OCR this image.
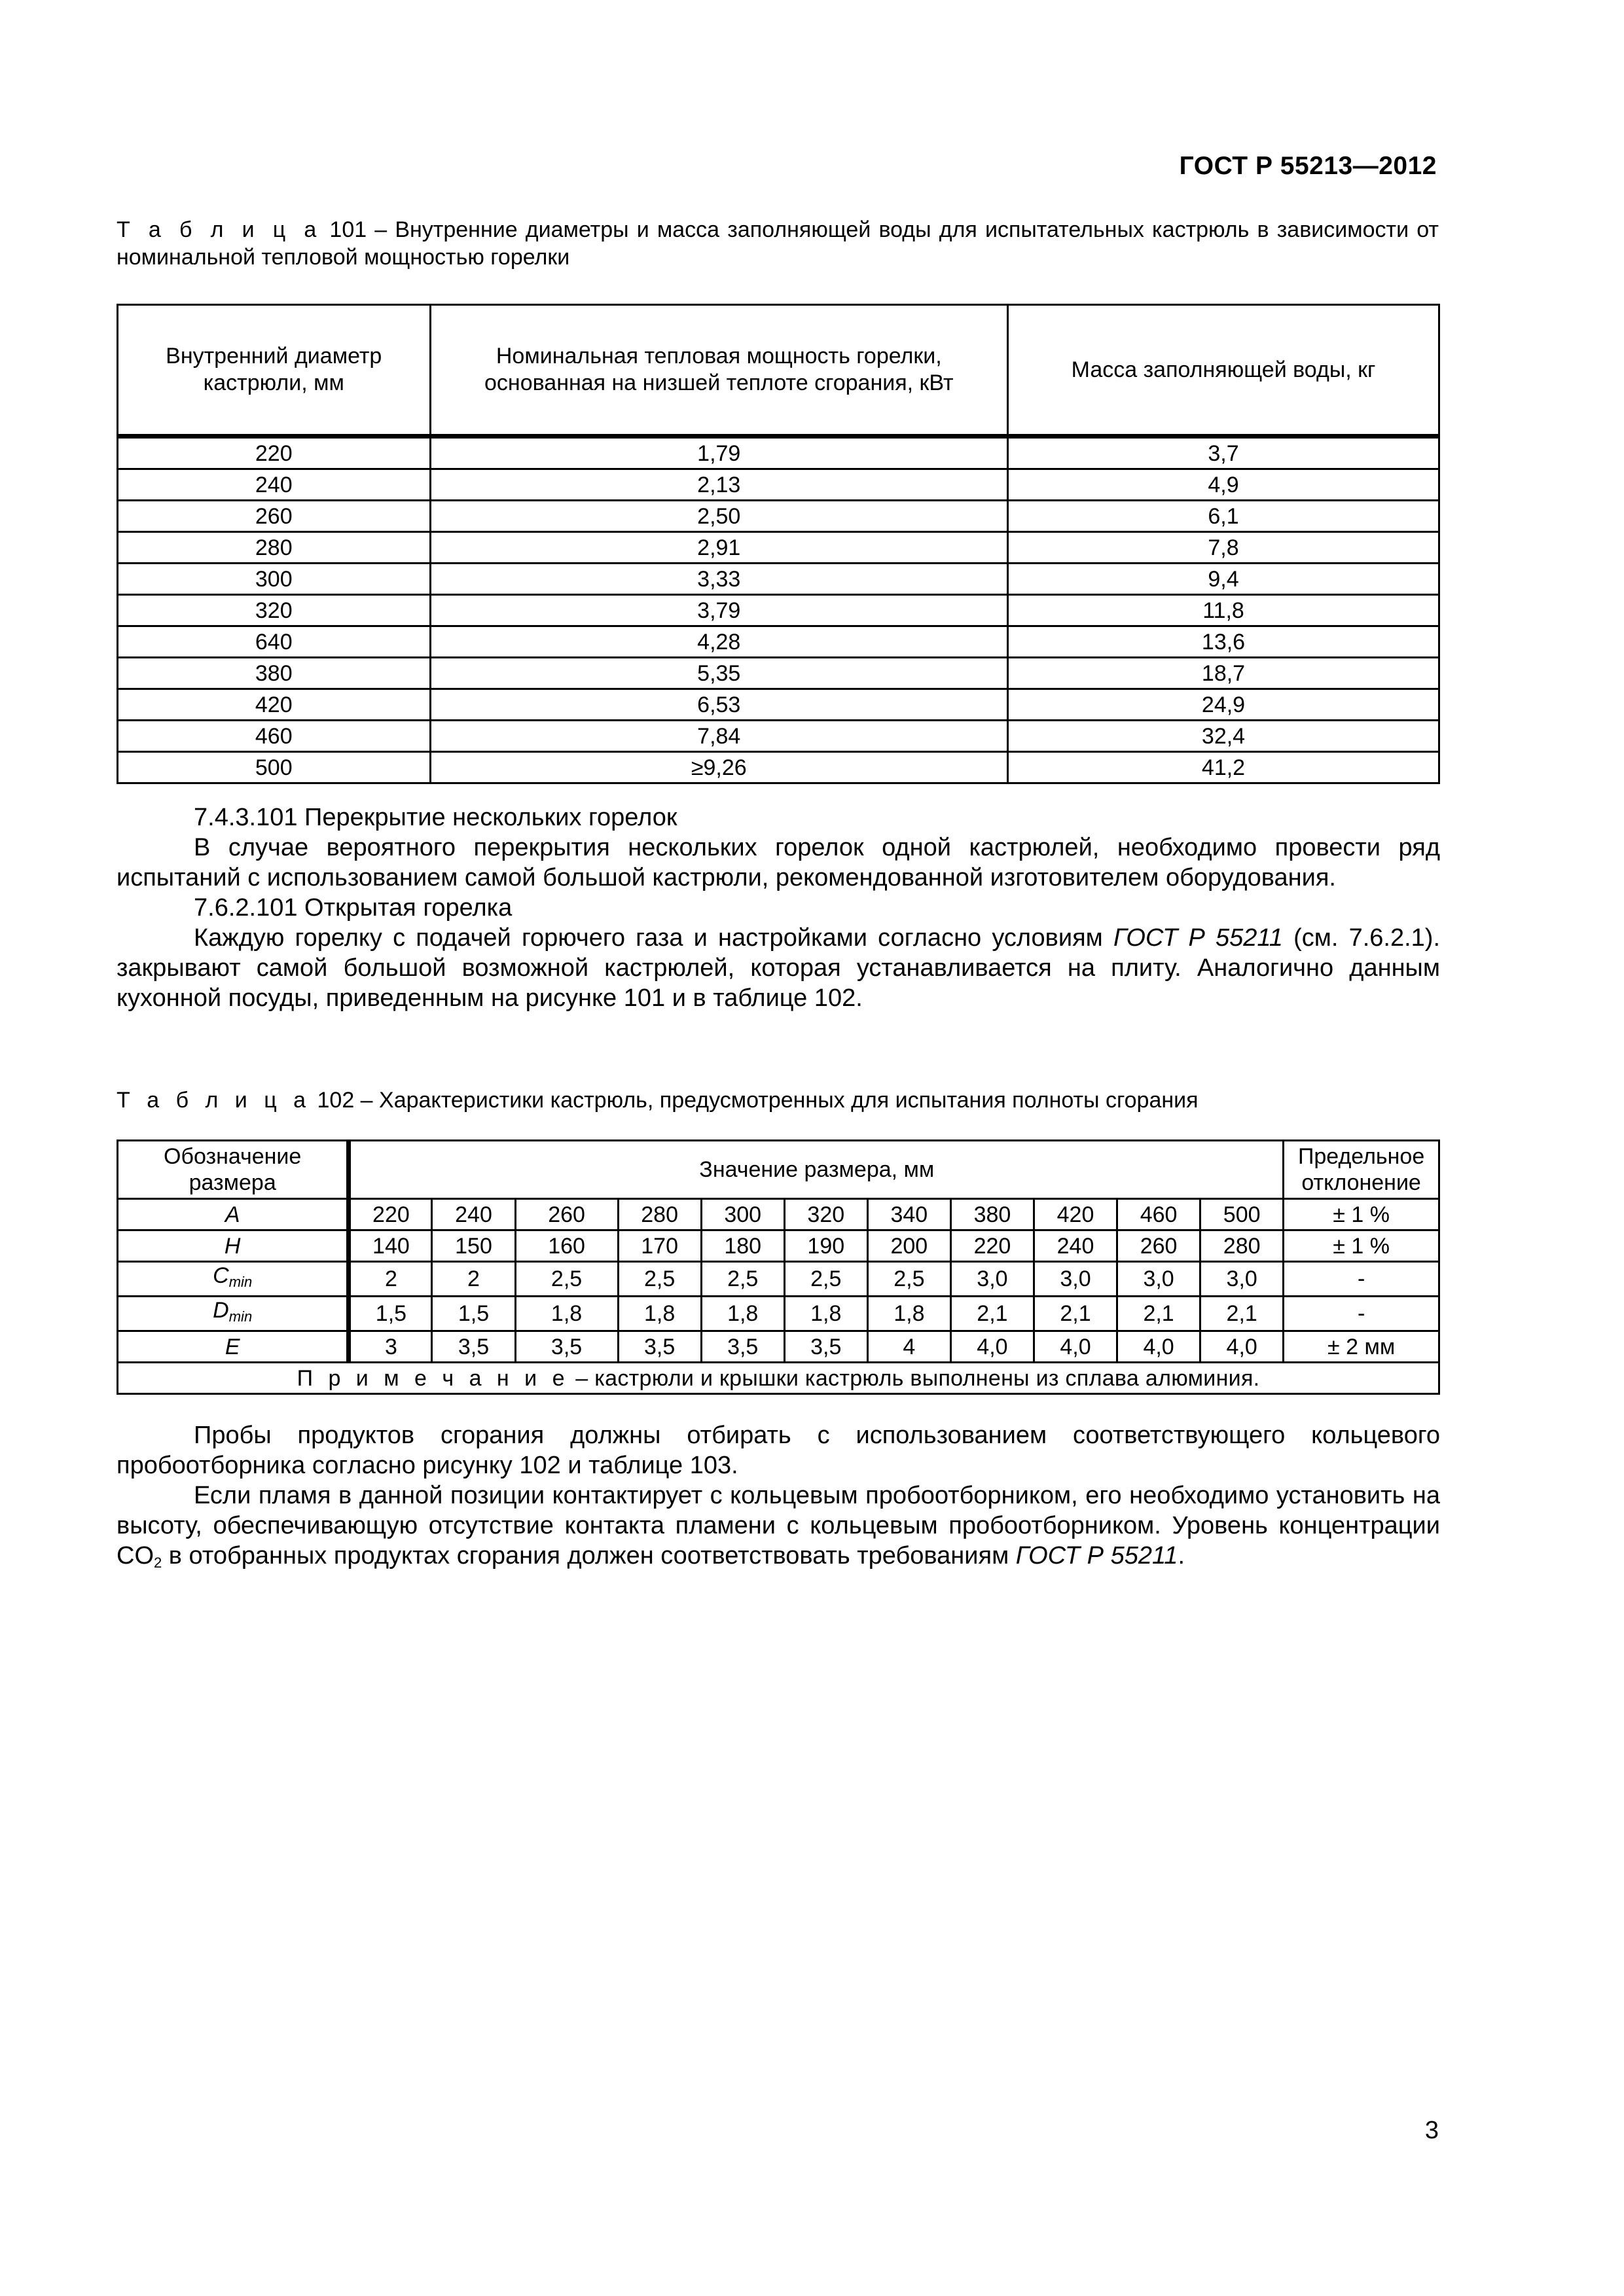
ГОСТ Р 55213—2012
Т а б л и ц а 101 – Внутренние диаметры и масса заполняющей воды для испытательных кастрюль в зависимости от номинальной тепловой мощностью горелки
Внутренний диаметр кастрюли, мм	Номинальная тепловая мощность горелки, основанная на низшей теплоте сгорания, кВт	Масса заполняющей воды, кг
220	1,79	3,7
240	2,13	4,9
260	2,50	6,1
280	2,91	7,8
300	3,33	9,4
320	3,79	11,8
640	4,28	13,6
380	5,35	18,7
420	6,53	24,9
460	7,84	32,4
500	≥9,26	41,2

7.4.3.101 Перекрытие нескольких горелок

В случае вероятного перекрытия нескольких горелок одной кастрюлей, необходимо провести ряд испытаний с использованием самой большой кастрюли, рекомендованной изготовителем оборудования.

7.6.2.101 Открытая горелка

Каждую горелку с подачей горючего газа и настройками согласно условиям ГОСТ Р 55211 (см. 7.6.2.1). закрывают самой большой возможной кастрюлей, которая устанавливается на плиту. Аналогично данным кухонной посуды, приведенным на рисунке 101 и в таблице 102.

Т а б л и ц а 102 – Характеристики кастрюль, предусмотренных для испытания полноты сгорания
Обозначение размера	Значение размера, мм											Предельное отклонение
A	220	240	260	280	300	320	340	380	420	460	500	± 1 %
H	140	150	160	170	180	190	200	220	240	260	280	± 1 %
$C_{min}$	2	2	2,5	2,5	2,5	2,5	2,5	3,0	3,0	3,0	3,0	-
$D_{min}$	1,5	1,5	1,8	1,8	1,8	1,8	1,8	2,1	2,1	2,1	2,1	-
E	3	3,5	3,5	3,5	3,5	3,5	4	4,0	4,0	4,0	4,0	± 2 мм
П р и м е ч а н и е – кастрюли и крышки кастрюль выполнены из сплава алюминия.												

Пробы продуктов сгорания должны отбирать с использованием соответствующего кольцевого пробоотборника согласно рисунку 102 и таблице 103.

Если пламя в данной позиции контактирует с кольцевым пробоотборником, его необходимо установить на высоту, обеспечивающую отсутствие контакта пламени с кольцевым пробоотборником. Уровень концентрации $CO_2$ в отобранных продуктах сгорания должен соответствовать требованиям ГОСТ Р 55211.

3
